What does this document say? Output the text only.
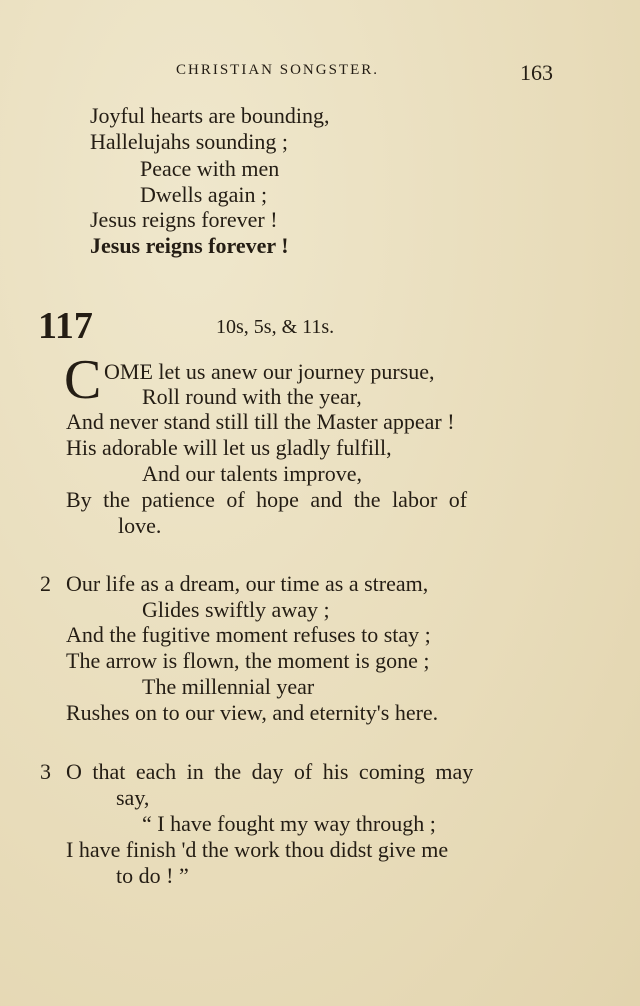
CHRISTIAN SONGSTER.	163
Joyful hearts are bounding,
Hallelujahs sounding ;
Peace with men
Dwells again ;
Jesus reigns forever !
Jesus reigns forever !
117	10s, 5s, & 11s.
C OME let us anew our journey pursue,
Roll round with the year,
And never stand still till the Master appear !
His adorable will let us gladly fulfill,
And our talents improve,
By the patience of hope and the labor of
love.
2 Our life as a dream, our time as a stream,
Glides swiftly away ;
And the fugitive moment refuses to stay ;
The arrow is flown, the moment is gone ;
The millennial year
Rushes on to our view, and eternity's here.
3 O that each in the day of his coming may
say,
“ I have fought my way through ;
I have finish 'd the work thou didst give me
to do ! ”
